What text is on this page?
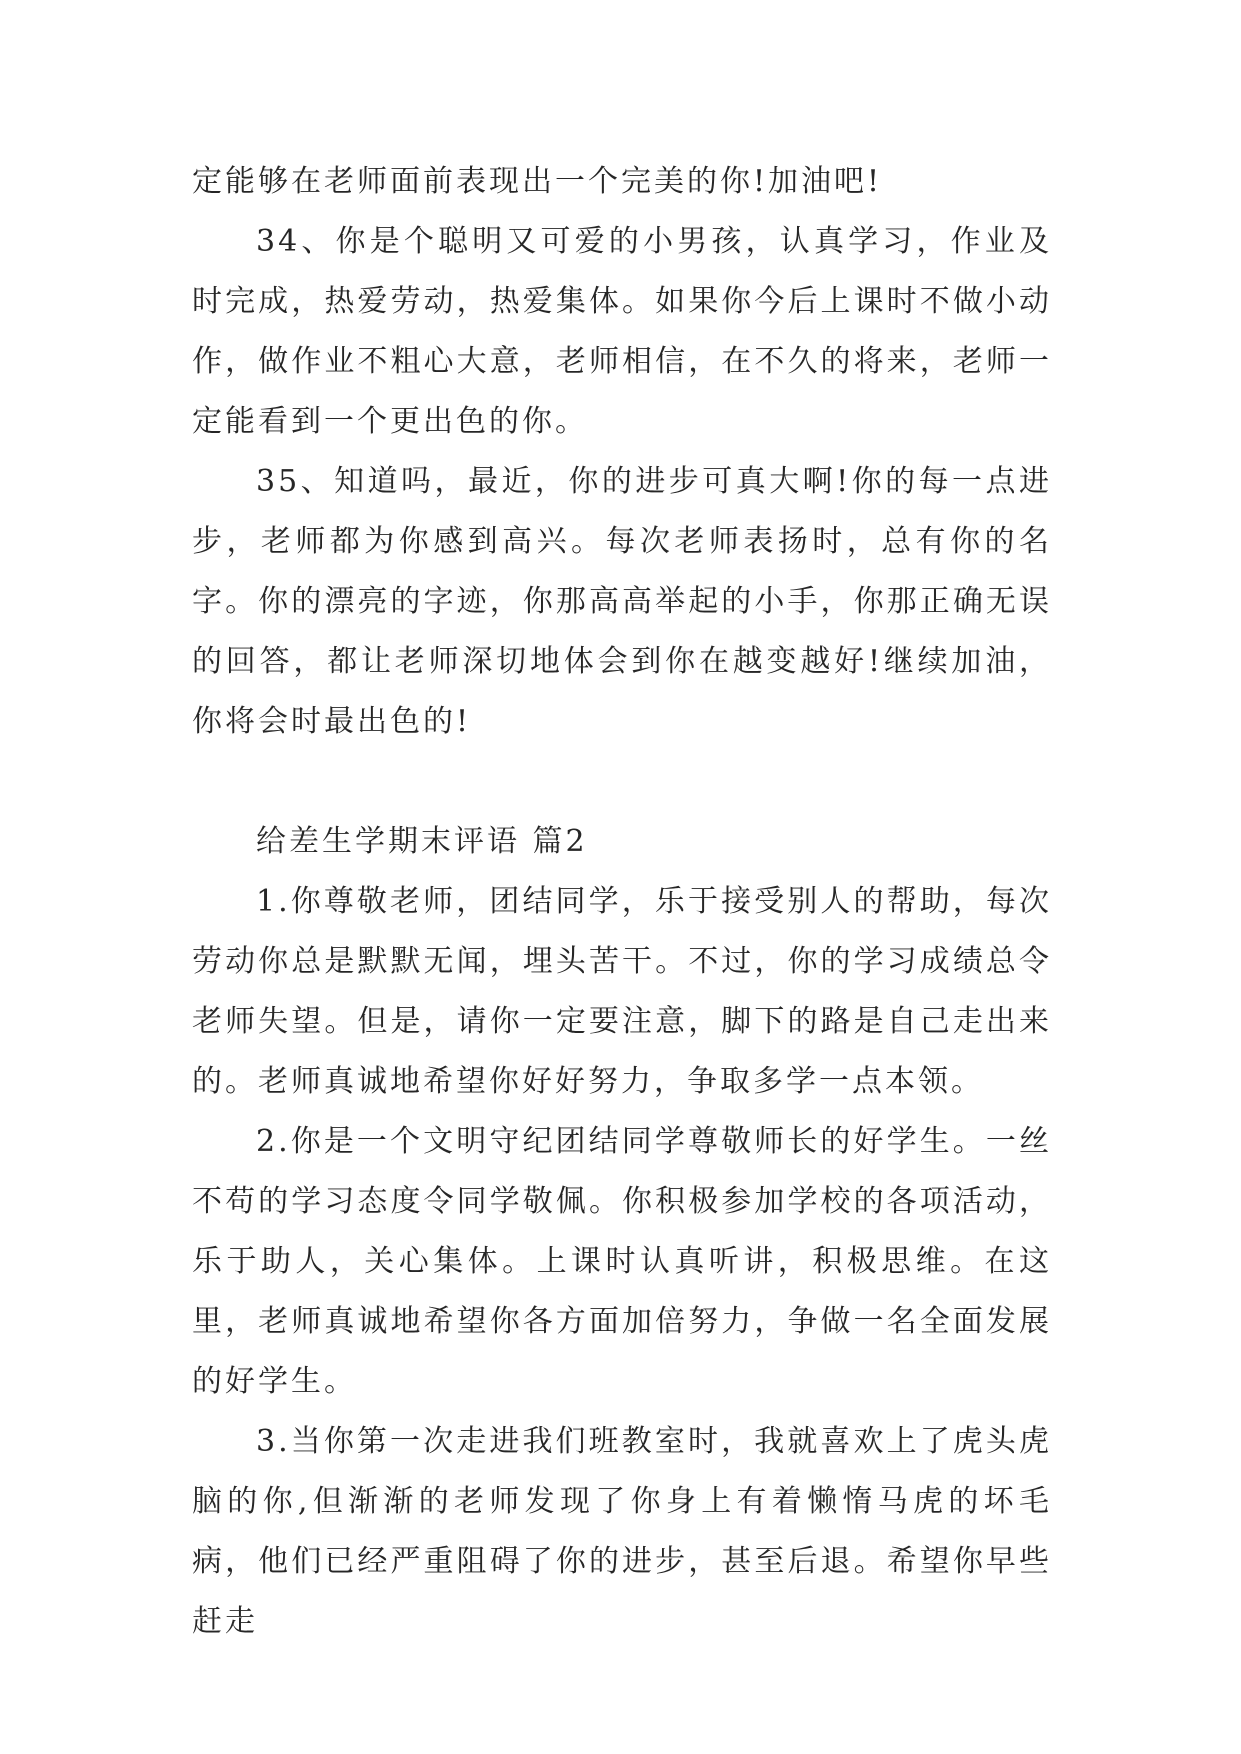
定能够在老师面前表现出一个完美的你!加油吧!

34、你是个聪明又可爱的小男孩，认真学习，作业及时完成，热爱劳动，热爱集体。如果你今后上课时不做小动作，做作业不粗心大意，老师相信，在不久的将来，老师一定能看到一个更出色的你。

35、知道吗，最近，你的进步可真大啊!你的每一点进步，老师都为你感到高兴。每次老师表扬时，总有你的名字。你的漂亮的字迹，你那高高举起的小手，你那正确无误的回答，都让老师深切地体会到你在越变越好!继续加油，你将会时最出色的!

给差生学期末评语 篇2

1.你尊敬老师，团结同学，乐于接受别人的帮助，每次劳动你总是默默无闻，埋头苦干。不过，你的学习成绩总令老师失望。但是，请你一定要注意，脚下的路是自己走出来的。老师真诚地希望你好好努力，争取多学一点本领。

2.你是一个文明守纪团结同学尊敬师长的好学生。一丝不苟的学习态度令同学敬佩。你积极参加学校的各项活动，乐于助人，关心集体。上课时认真听讲，积极思维。在这里，老师真诚地希望你各方面加倍努力，争做一名全面发展的好学生。

3.当你第一次走进我们班教室时，我就喜欢上了虎头虎脑的你,但渐渐的老师发现了你身上有着懒惰马虎的坏毛病，他们已经严重阻碍了你的进步，甚至后退。希望你早些赶走
